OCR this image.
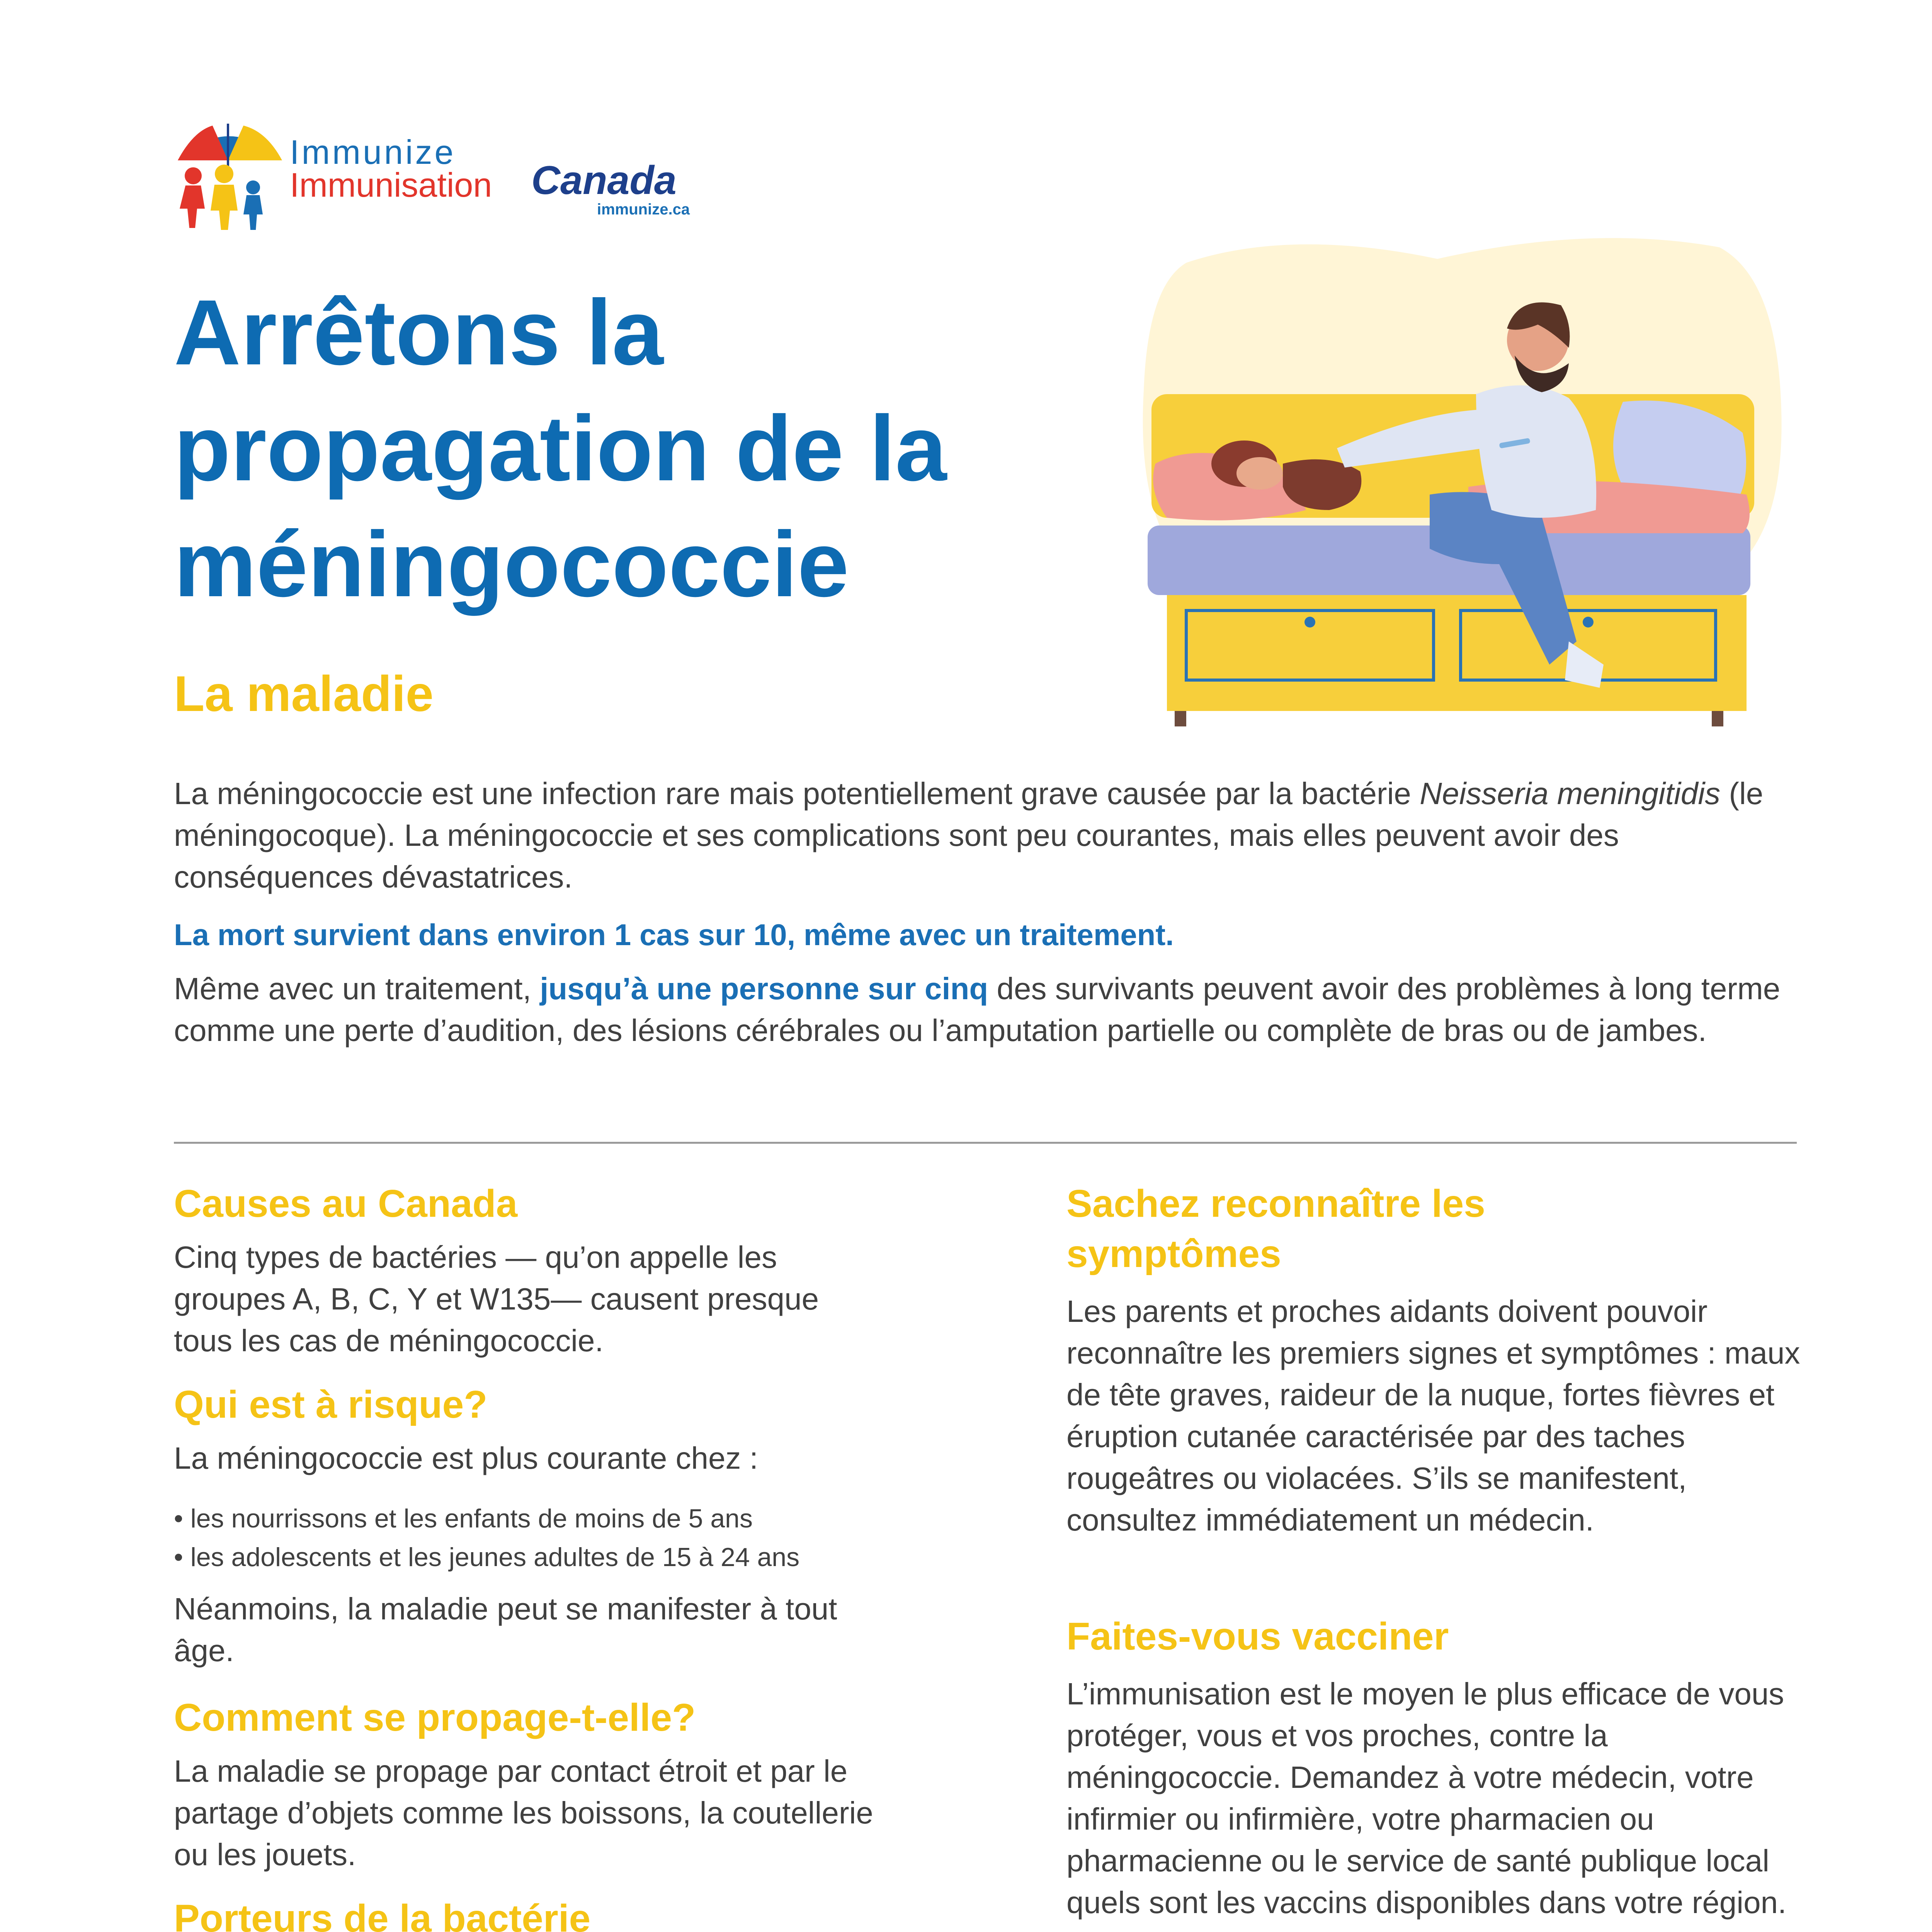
Immunize
Immunisation Canada
immunize.ca
Arrêtons la propagation de la méningococcie
La maladie

La méningococcie est une infection rare mais potentiellement grave causée par la bactérie Neisseria meningitidis (le méningocoque). La méningococcie et ses complications sont peu courantes, mais elles peuvent avoir des conséquences dévastatrices.

La mort survient dans environ 1 cas sur 10, même avec un traitement.

Même avec un traitement, jusqu’à une personne sur cinq des survivants peuvent avoir des problèmes à long terme comme une perte d’audition, des lésions cérébrales ou l’amputation partielle ou complète de bras ou de jambes.

Causes au Canada

Cinq types de bactéries — qu’on appelle les groupes A, B, C, Y et W135— causent presque tous les cas de méningococcie.

Qui est à risque?

La méningococcie est plus courante chez :

• les nourrissons et les enfants de moins de 5 ans
• les adolescents et les jeunes adultes de 15 à 24 ans

Néanmoins, la maladie peut se manifester à tout âge.

Comment se propage-t-elle?

La maladie se propage par contact étroit et par le partage d’objets comme les boissons, la coutellerie ou les jouets.

Porteurs de la bactérie

Sachez reconnaître les symptômes

Les parents et proches aidants doivent pouvoir reconnaître les premiers signes et symptômes : maux de tête graves, raideur de la nuque, fortes fièvres et éruption cutanée caractérisée par des taches rougeâtres ou violacées. S’ils se manifestent, consultez immédiatement un médecin.

Faites-vous vacciner

L’immunisation est le moyen le plus efficace de vous protéger, vous et vos proches, contre la méningococcie. Demandez à votre médecin, votre infirmier ou infirmière, votre pharmacien ou pharmacienne ou le service de santé publique local quels sont les vaccins disponibles dans votre région.
